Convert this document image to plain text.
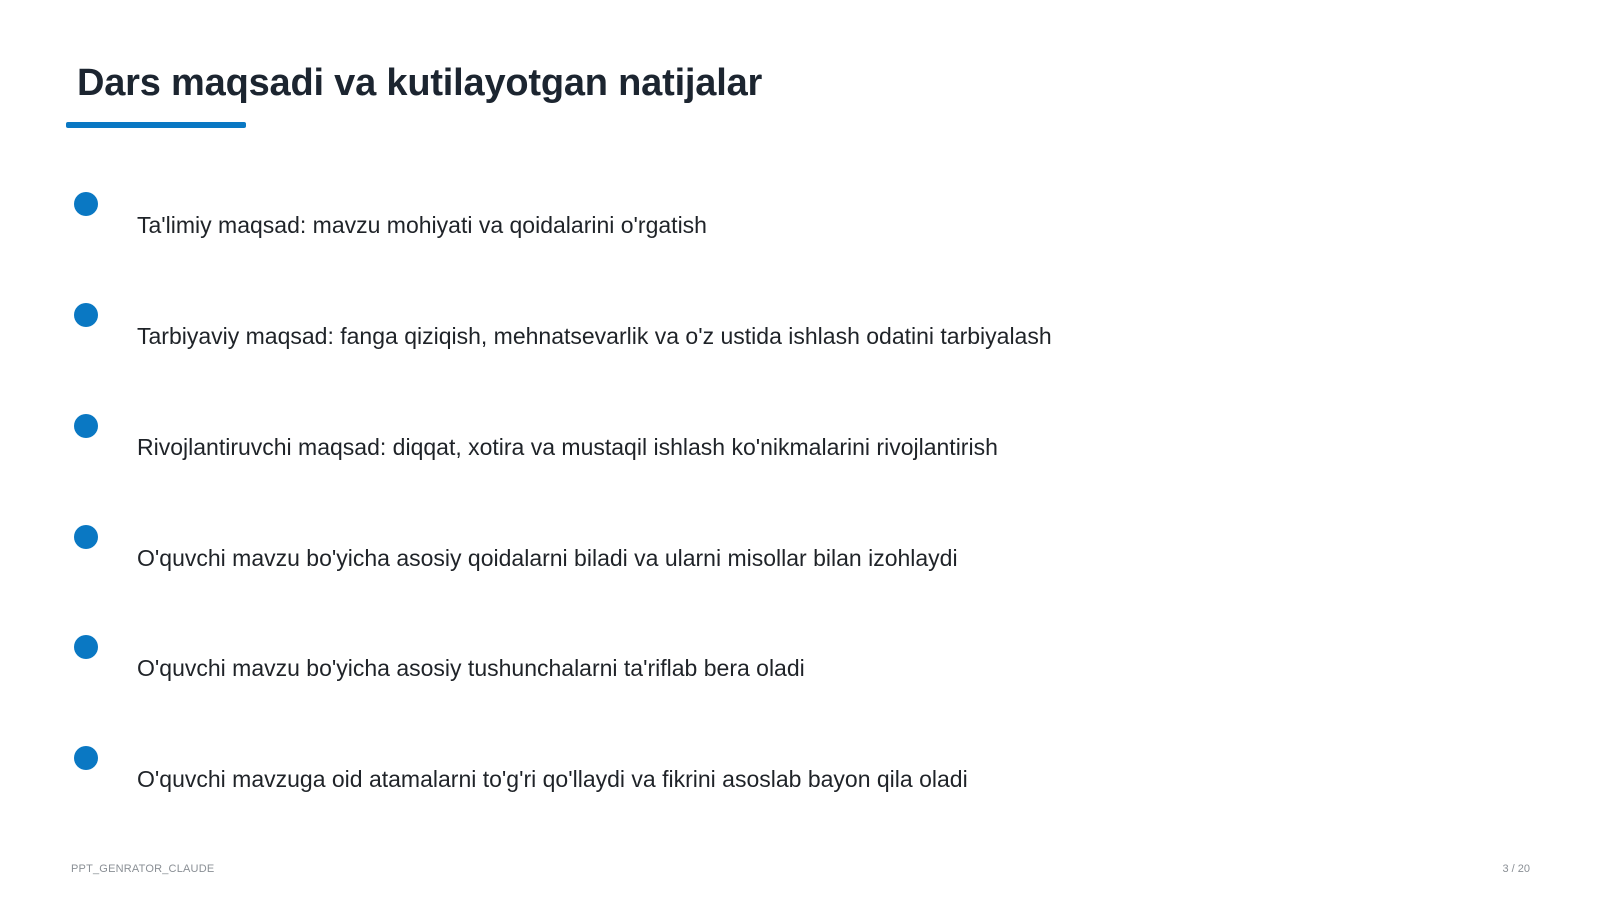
Dars maqsadi va kutilayotgan natijalar
Ta'limiy maqsad: mavzu mohiyati va qoidalarini o'rgatish
Tarbiyaviy maqsad: fanga qiziqish, mehnatsevarlik va o'z ustida ishlash odatini tarbiyalash
Rivojlantiruvchi maqsad: diqqat, xotira va mustaqil ishlash ko'nikmalarini rivojlantirish
O'quvchi mavzu bo'yicha asosiy qoidalarni biladi va ularni misollar bilan izohlaydi
O'quvchi mavzu bo'yicha asosiy tushunchalarni ta'riflab bera oladi
O'quvchi mavzuga oid atamalarni to'g'ri qo'llaydi va fikrini asoslab bayon qila oladi
PPT_GENRATOR_CLAUDE	3 / 20
